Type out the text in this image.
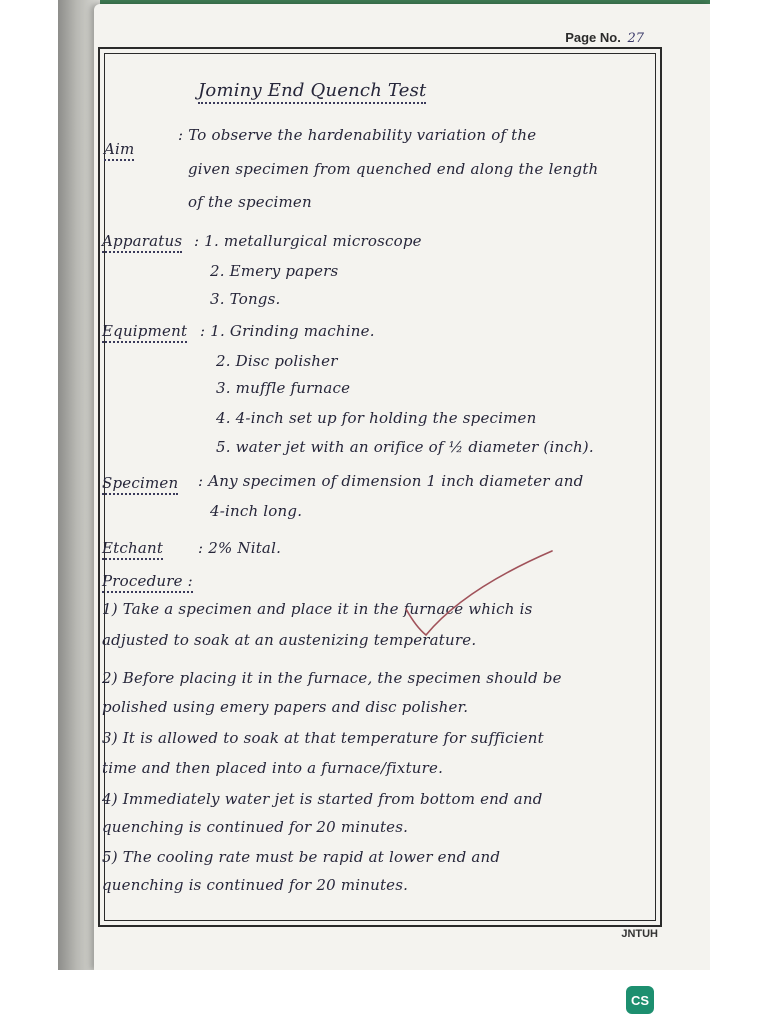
Page No. 27
Jominy End Quench Test
Aim
: To observe the hardenability variation of the
given specimen from quenched end along the length
of the specimen
Apparatus : 1. metallurgical microscope
2. Emery papers
3. Tongs.
Equipment : 1. Grinding machine.
2. Disc polisher
3. muffle furnace
4. 4-inch set up for holding the specimen
5. water jet with an orifice of ½ diameter (inch).
Specimen : Any specimen of dimension 1 inch diameter and
4-inch long.
Etchant : 2% Nital.
Procedure :
1) Take a specimen and place it in the furnace which is
adjusted to soak at an austenizing temperature.
2) Before placing it in the furnace, the specimen should be
polished using emery papers and disc polisher.
3) It is allowed to soak at that temperature for sufficient
time and then placed into a furnace/fixture.
4) Immediately water jet is started from bottom end and
quenching is continued for 20 minutes.
5) The cooling rate must be rapid at lower end and
quenching is continued for 20 minutes.
JNTUH
CS
